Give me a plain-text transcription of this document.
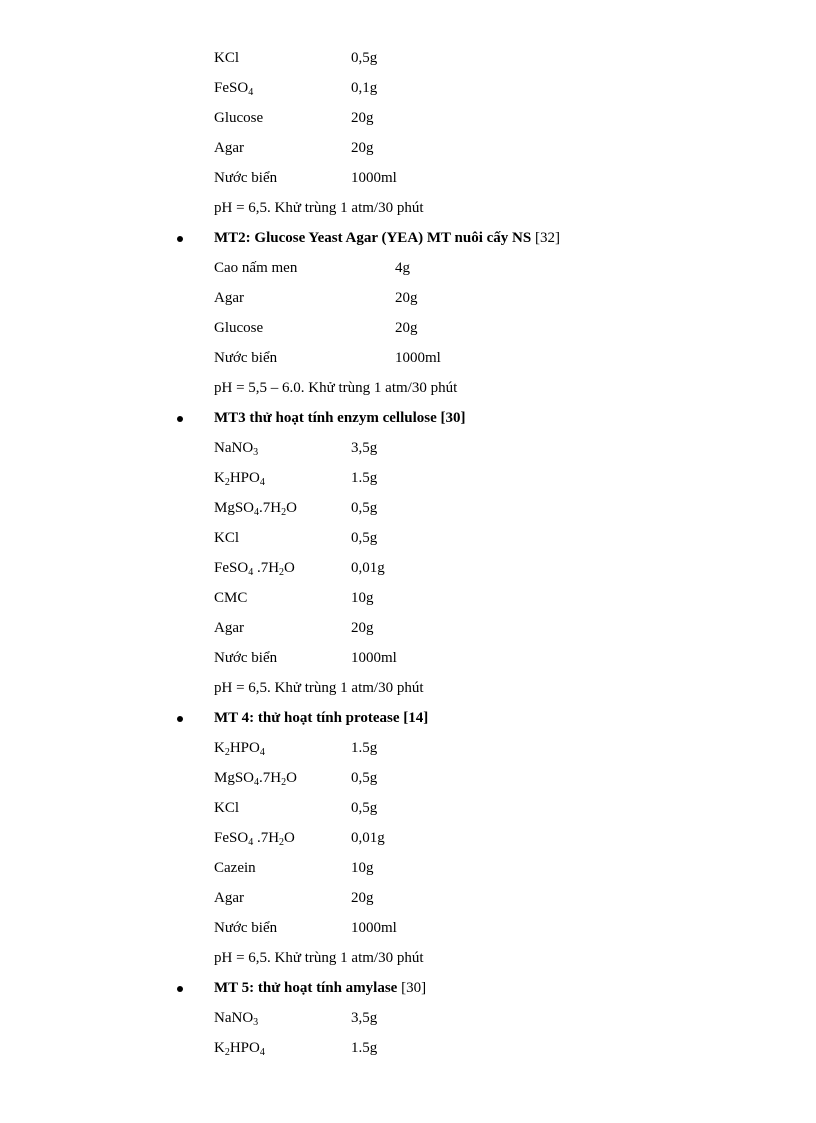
KCl	0,5g
FeSO$_4$	0,1g
Glucose	20g
Agar	20g
Nước biển	1000ml
pH = 6,5. Khử trùng 1 atm/30 phút
MT2: Glucose Yeast Agar (YEA) MT nuôi cấy NS [32]
Cao nấm men	4g
Agar	20g
Glucose	20g
Nước biển	1000ml
pH = 5,5 – 6.0. Khử trùng 1 atm/30 phút
MT3 thử hoạt tính enzym cellulose [30]
NaNO$_3$	3,5g
$K_2HPO_4$	1.5g
$MgSO_4.7H_2O$	0,5g
KCl	0,5g
FeSO$_4$ $.7H_2O$	0,01g
CMC	10g
Agar	20g
Nước biển	1000ml
pH = 6,5. Khử trùng 1 atm/30 phút
MT 4: thử hoạt tính protease [14]
$K_2HPO_4$	1.5g
$MgSO_4.7H_2O$	0,5g
KCl	0,5g
FeSO$_4$ $.7H_2O$	0,01g
Cazein	10g
Agar	20g
Nước biển	1000ml
pH = 6,5. Khử trùng 1 atm/30 phút
MT 5: thử hoạt tính amylase [30]
NaNO$_3$	3,5g
$K_2HPO_4$	1.5g
